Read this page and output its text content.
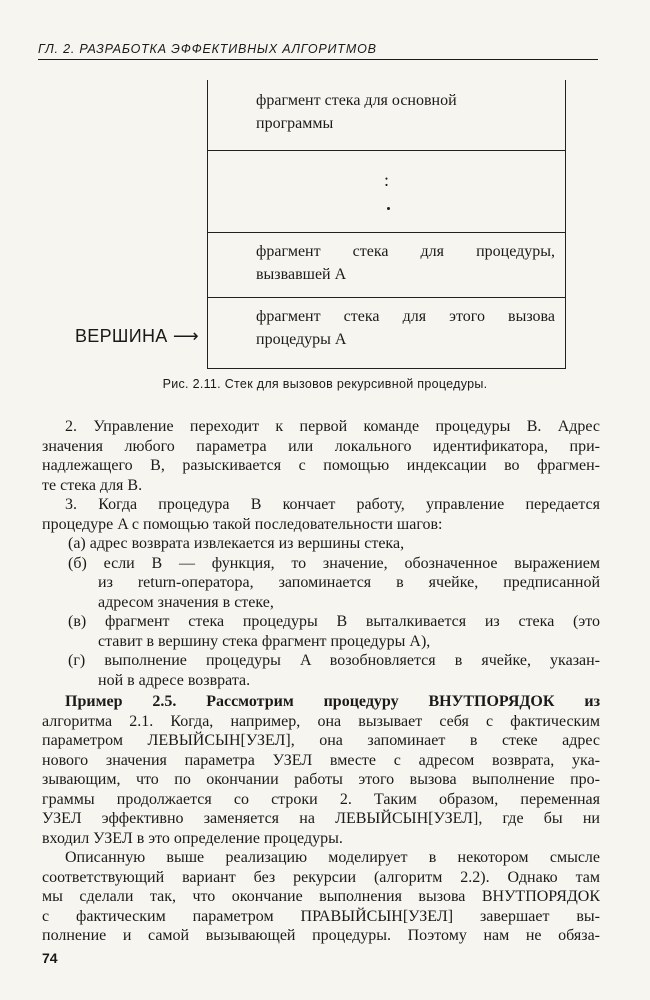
ГЛ. 2. РАЗРАБОТКА ЭФФЕКТИВНЫХ АЛГОРИТМОВ
фрагмент стека для основной
программы
:
фрагмент стека для процедуры,
вызвавшей A
фрагмент стека для этого вызова
процедуры A
ВЕРШИНА ⟶
Рис. 2.11. Стек для вызовов рекурсивной процедуры.
2. Управление переходит к первой команде процедуры B. Адрес
значения любого параметра или локального идентификатора, при-
надлежащего B, разыскивается с помощью индексации во фрагмен-
те стека для B.
3. Когда процедура B кончает работу, управление передается
процедуре A с помощью такой последовательности шагов:
(а) адрес возврата извлекается из вершины стека,
(б) если B — функция, то значение, обозначенное выражением
из return-оператора, запоминается в ячейке, предписанной
адресом значения в стеке,
(в) фрагмент стека процедуры B выталкивается из стека (это
ставит в вершину стека фрагмент процедуры A),
(г) выполнение процедуры A возобновляется в ячейке, указан-
ной в адресе возврата.
Пример 2.5. Рассмотрим процедуру ВНУТПОРЯДОК из
алгоритма 2.1. Когда, например, она вызывает себя с фактическим
параметром ЛЕВЫЙСЫН[УЗЕЛ], она запоминает в стеке адрес
нового значения параметра УЗЕЛ вместе с адресом возврата, ука-
зывающим, что по окончании работы этого вызова выполнение про-
граммы продолжается со строки 2. Таким образом, переменная
УЗЕЛ эффективно заменяется на ЛЕВЫЙСЫН[УЗЕЛ], где бы ни
входил УЗЕЛ в это определение процедуры.
Описанную выше реализацию моделирует в некотором смысле
соответствующий вариант без рекурсии (алгоритм 2.2). Однако там
мы сделали так, что окончание выполнения вызова ВНУТПОРЯДОК
с фактическим параметром ПРАВЫЙСЫН[УЗЕЛ] завершает вы-
полнение и самой вызывающей процедуры. Поэтому нам не обяза-
74
